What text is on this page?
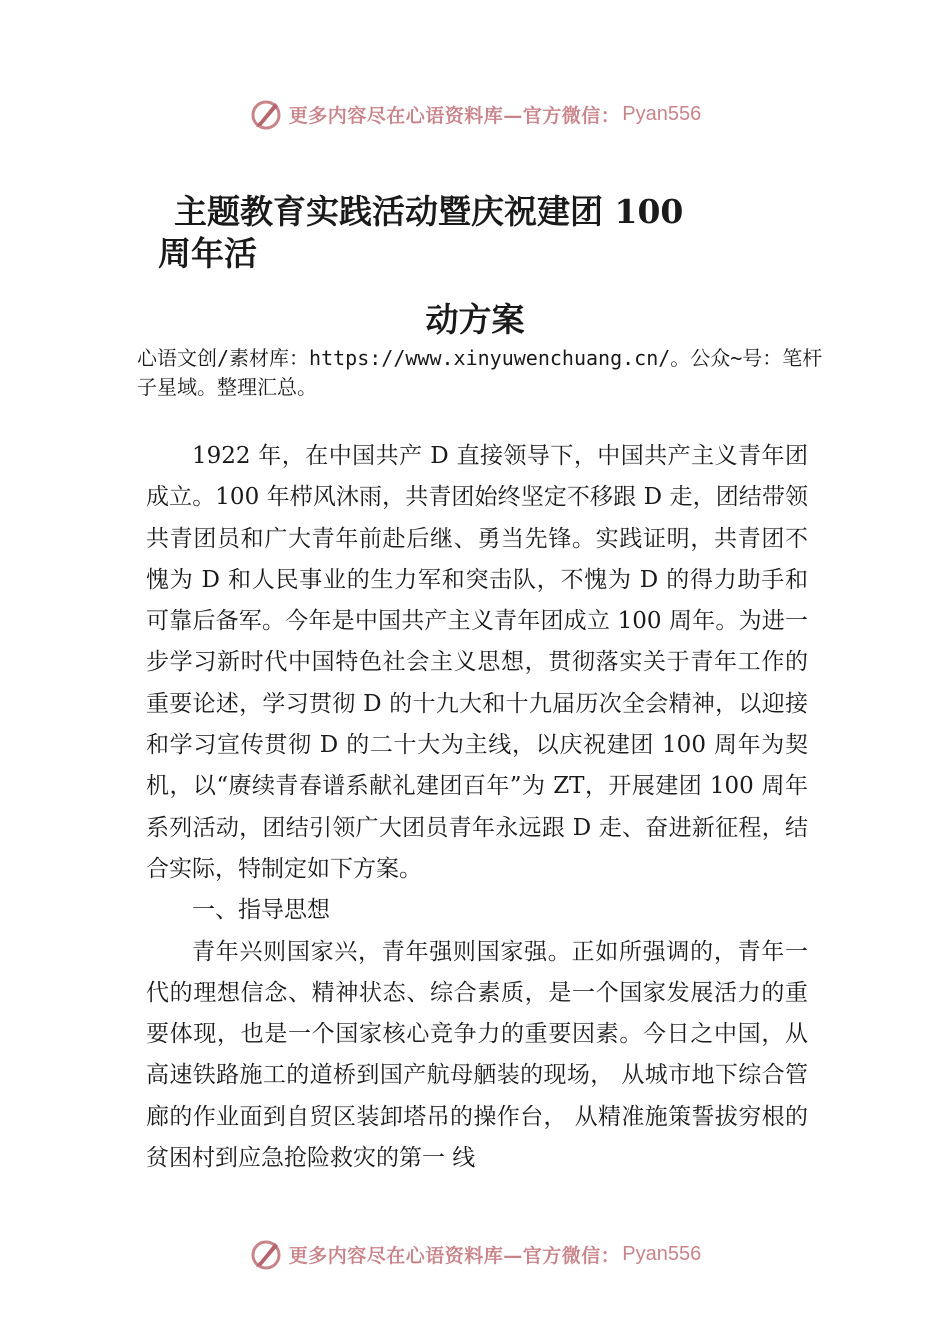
更多内容尽在心语资料库—官方微信： Pyan556
主题教育实践活动暨庆祝建团 100
周年活
动方案
心语文创/素材库：https://www.xinyuwenchuang.cn/。公众~号：笔杆子星域。整理汇总。

1922 年，在中国共产 D 直接领导下，中国共产主义青年团成立。100 年栉风沐雨，共青团始终坚定不移跟 D 走，团结带领共青团员和广大青年前赴后继、勇当先锋。实践证明，共青团不愧为 D 和人民事业的生力军和突击队，不愧为 D 的得力助手和可靠后备军。今年是中国共产主义青年团成立 100 周年。为进一步学习新时代中国特色社会主义思想，贯彻落实关于青年工作的重要论述，学习贯彻 D 的十九大和十九届历次全会精神，以迎接和学习宣传贯彻 D 的二十大为主线，以庆祝建团 100 周年为契机，以“赓续青春谱系献礼建团百年”为 ZT，开展建团 100 周年系列活动，团结引领广大团员青年永远跟 D 走、奋进新征程，结合实际，特制定如下方案。

一、指导思想

青年兴则国家兴，青年强则国家强。正如所强调的，青年一代的理想信念、精神状态、综合素质，是一个国家发展活力的重要体现，也是一个国家核心竞争力的重要因素。今日之中国，从高速铁路施工的道桥到国产航母舾装的现场， 从城市地下综合管廊的作业面到自贸区装卸塔吊的操作台， 从精准施策誓拔穷根的贫困村到应急抢险救灾的第一 线

更多内容尽在心语资料库—官方微信： Pyan556
